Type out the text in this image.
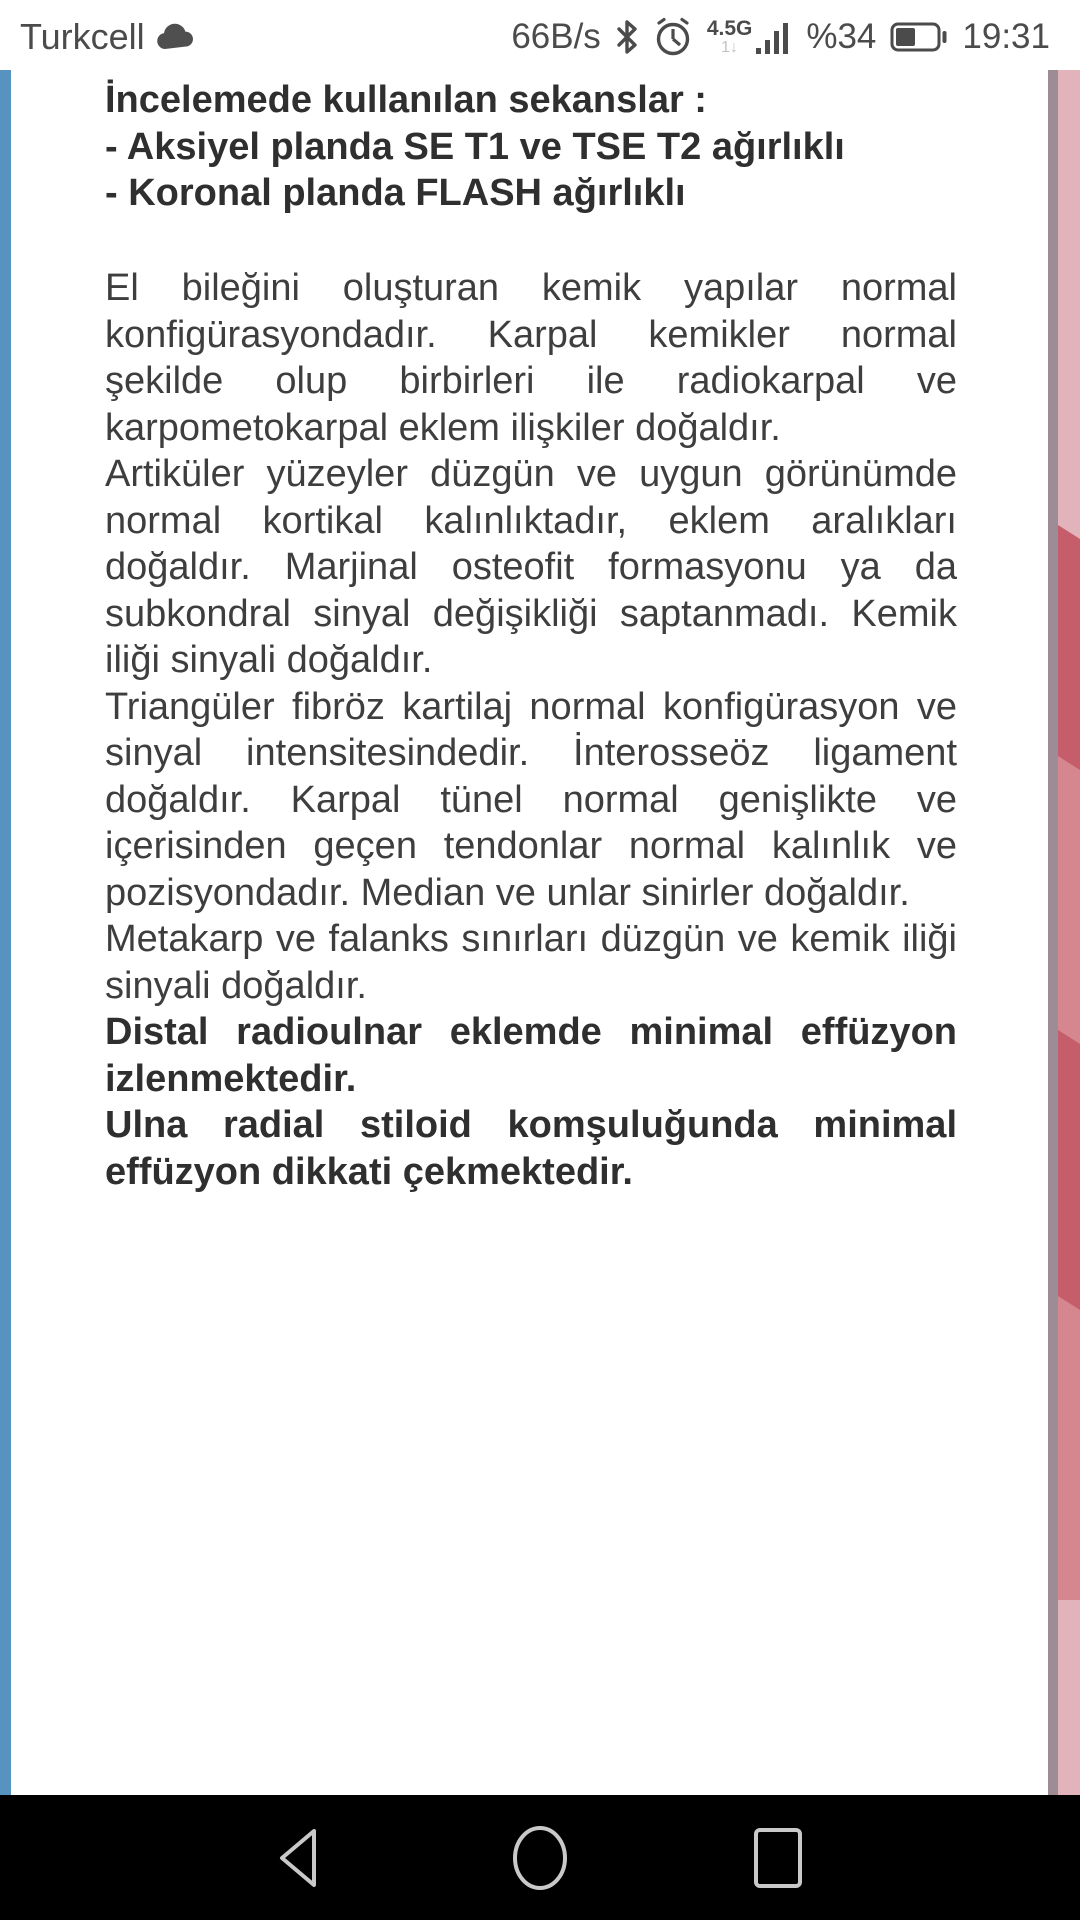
Turkcell	66B/s	4.5G
1↓ %34 19:31
İncelemede kullanılan sekanslar :
- Aksiyel planda SE T1 ve TSE T2 ağırlıklı
- Koronal planda FLASH ağırlıklı

El bileğini oluşturan kemik yapılar normal konfigürasyondadır. Karpal kemikler normal şekilde olup birbirleri ile radiokarpal ve karpometokarpal eklem ilişkiler doğaldır.

Artiküler yüzeyler düzgün ve uygun görünümde normal kortikal kalınlıktadır, eklem aralıkları doğaldır. Marjinal osteofit formasyonu ya da subkondral sinyal değişikliği saptanmadı. Kemik iliği sinyali doğaldır.

Triangüler fibröz kartilaj normal konfigürasyon ve sinyal intensitesindedir. İnterosseöz ligament doğaldır. Karpal tünel normal genişlikte ve içerisinden geçen tendonlar normal kalınlık ve pozisyondadır. Median ve unlar sinirler doğaldır.

Metakarp ve falanks sınırları düzgün ve kemik iliği sinyali doğaldır.

Distal radioulnar eklemde minimal effüzyon izlenmektedir.

Ulna radial stiloid komşuluğunda minimal effüzyon dikkati çekmektedir.
